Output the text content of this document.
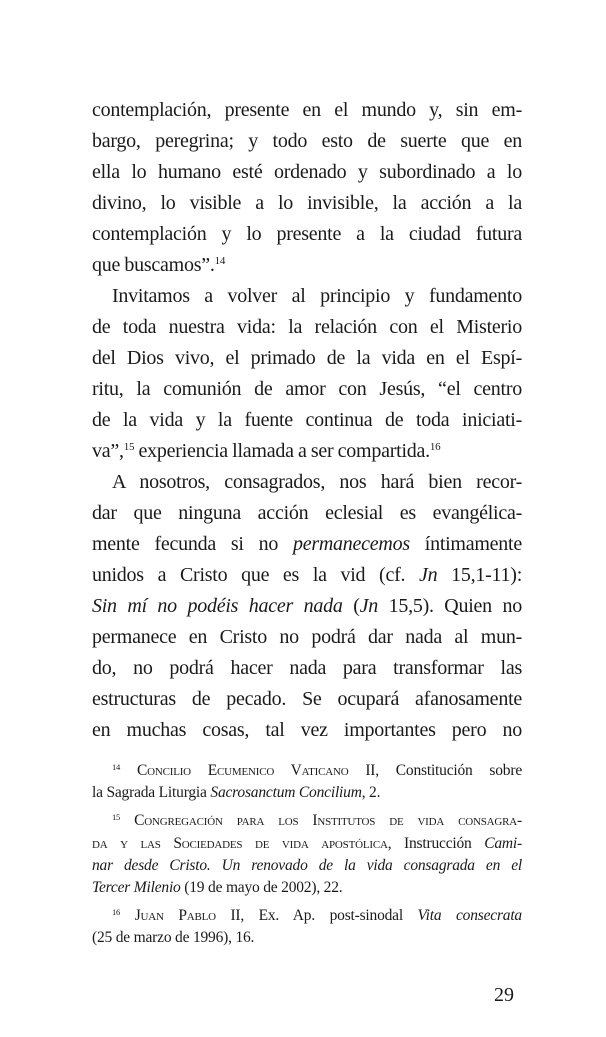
contemplación, presente en el mundo y, sin em-
bargo, peregrina; y todo esto de suerte que en
ella lo humano esté ordenado y subordinado a lo
divino, lo visible a lo invisible, la acción a la
contemplación y lo presente a la ciudad futura
que buscamos”.$^{14}$
Invitamos a volver al principio y fundamento
de toda nuestra vida: la relación con el Misterio
del Dios vivo, el primado de la vida en el Espí-
ritu, la comunión de amor con Jesús, “el centro
de la vida y la fuente continua de toda iniciati-
va”,$^{15}$ experiencia llamada a ser compartida.$^{16}$
A nosotros, consagrados, nos hará bien recor-
dar que ninguna acción eclesial es evangélica-
mente fecunda si no permanecemos íntimamente
unidos a Cristo que es la vid (cf. Jn 15,1-11):
Sin mí no podéis hacer nada (Jn 15,5). Quien no
permanece en Cristo no podrá dar nada al mun-
do, no podrá hacer nada para transformar las
estructuras de pecado. Se ocupará afanosamente
en muchas cosas, tal vez importantes pero no
$^{14}$ Concilio Ecumenico Vaticano II, Constitución sobre
la Sagrada Liturgia Sacrosanctum Concilium, 2.
$^{15}$ Congregación para los Institutos de vida consagra-
da y las Sociedades de vida apostólica, Instrucción Cami-
nar desde Cristo. Un renovado de la vida consagrada en el
Tercer Milenio (19 de mayo de 2002), 22.
$^{16}$ Juan Pablo II, Ex. Ap. post-sinodal Vita consecrata
(25 de marzo de 1996), 16.
29
